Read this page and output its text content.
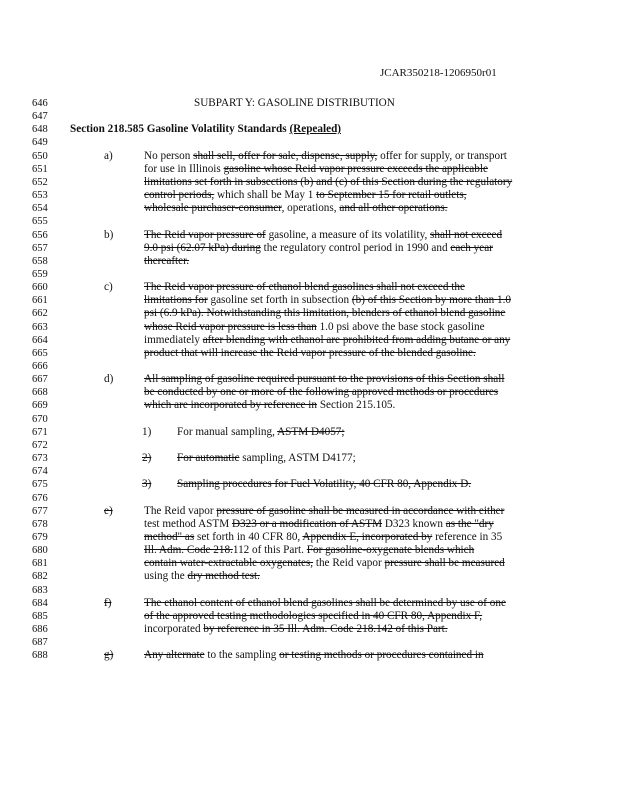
JCAR350218-1206950r01
646	SUBPART Y: GASOLINE DISTRIBUTION
647
648	Section 218.585 Gasoline Volatility Standards (Repealed)
649
650	a)	No person shall sell, offer for sale, dispense, supply, offer for supply, or transport
651	for use in Illinois gasoline whose Reid vapor pressure exceeds the applicable
652	limitations set forth in subsections (b) and (c) of this Section during the regulatory
653	control periods, which shall be May 1 to September 15 for retail outlets,
654	wholesale purchaser-consumer, operations, and all other operations.
655
656	b)	The Reid vapor pressure of gasoline, a measure of its volatility, shall not exceed
657	9.0 psi (62.07 kPa) during the regulatory control period in 1990 and each year
658	thereafter.
659
660	c)	The Reid vapor pressure of ethanol blend gasolines shall not exceed the
661	limitations for gasoline set forth in subsection (b) of this Section by more than 1.0
662	psi (6.9 kPa). Notwithstanding this limitation, blenders of ethanol blend gasoline
663	whose Reid vapor pressure is less than 1.0 psi above the base stock gasoline
664	immediately after blending with ethanol are prohibited from adding butane or any
665	product that will increase the Reid vapor pressure of the blended gasoline.
666
667	d)	All sampling of gasoline required pursuant to the provisions of this Section shall
668	be conducted by one or more of the following approved methods or procedures
669	which are incorporated by reference in Section 215.105.
670
671	1) For manual sampling, ASTM D4057;
672
673	2) For automatic sampling, ASTM D4177;
674
675	3) Sampling procedures for Fuel Volatility, 40 CFR 80, Appendix D.
676
677	e)	The Reid vapor pressure of gasoline shall be measured in accordance with either
678	test method ASTM D323 or a modification of ASTM D323 known as the "dry
679	method" as set forth in 40 CFR 80, Appendix E, incorporated by reference in 35
680	Ill. Adm. Code 218.112 of this Part. For gasoline-oxygenate blends which
681	contain water-extractable oxygenates, the Reid vapor pressure shall be measured
682	using the dry method test.
683
684	f)	The ethanol content of ethanol blend gasolines shall be determined by use of one
685	of the approved testing methodologies specified in 40 CFR 80, Appendix F,
686	incorporated by reference in 35 Ill. Adm. Code 218.142 of this Part.
687
688	g)	Any alternate to the sampling or testing methods or procedures contained in
